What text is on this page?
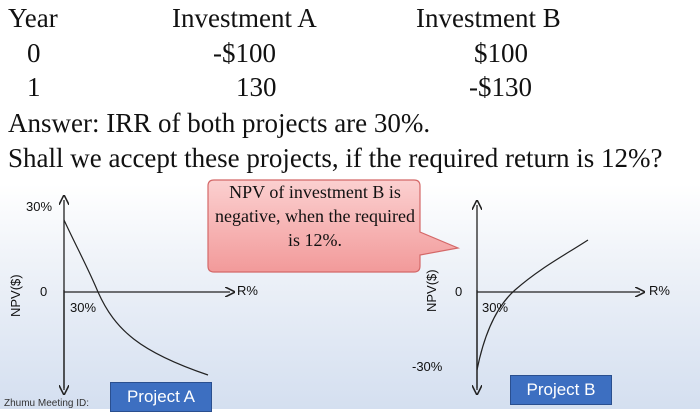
Year	Investment A	Investment B
0	-$100	$100
1	130	-$130
Answer: IRR of both projects are 30%.
Shall we accept these projects, if the required return is 12%?
NPV of investment B is negative, when the required is 12%.
30%
0	R%
30%
NPV($)
Project A
0	R%
30%
-30%
NPV($)
Project B
Zhumu Meeting ID:
